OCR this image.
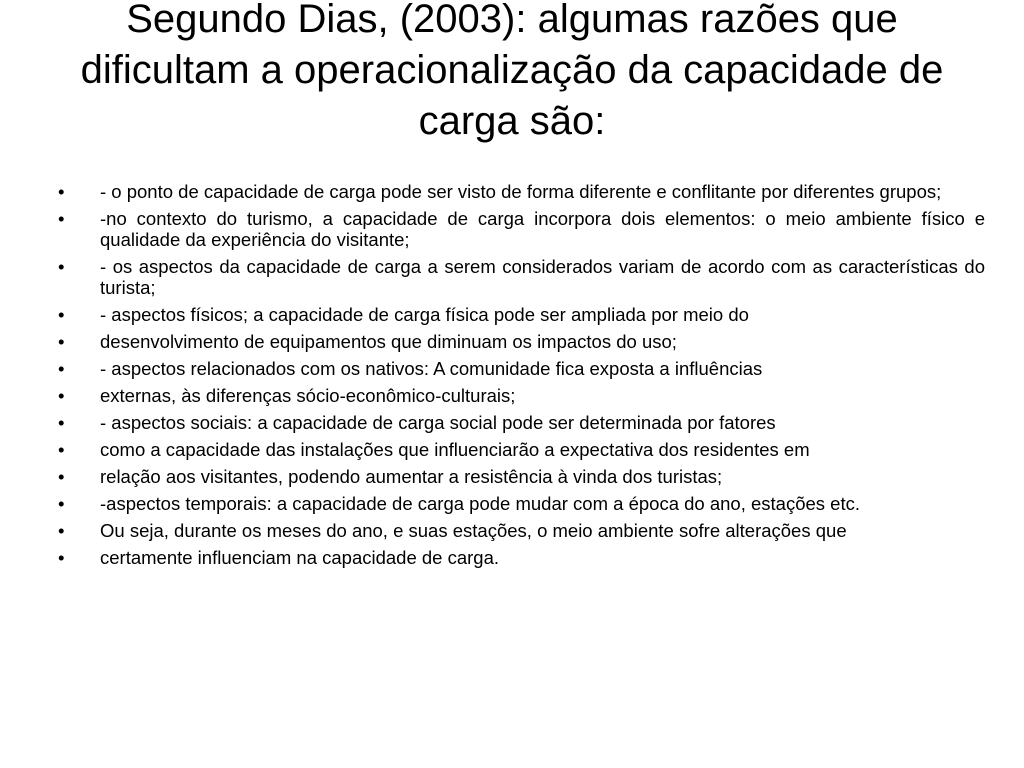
Segundo Dias, (2003): algumas razões que dificultam a operacionalização da capacidade de carga são:
•	- o ponto de capacidade de carga pode ser visto de forma diferente e conflitante por diferentes grupos;
•	-no contexto do turismo, a capacidade de carga incorpora dois elementos: o meio ambiente físico e qualidade da experiência do visitante;
•	- os aspectos da capacidade de carga a serem considerados variam de acordo com as características do turista;
•	- aspectos físicos; a capacidade de carga física pode ser ampliada por meio do
•	desenvolvimento de equipamentos que diminuam os impactos do uso;
•	- aspectos relacionados com os nativos: A comunidade fica exposta a influências
•	externas, às diferenças sócio-econômico-culturais;
•	- aspectos sociais: a capacidade de carga social pode ser determinada por fatores
•	como a capacidade das instalações que influenciarão a expectativa dos residentes em
•	relação aos visitantes, podendo aumentar a resistência à vinda dos turistas;
•	-aspectos temporais: a capacidade de carga pode mudar com a época do ano, estações etc.
•	Ou seja, durante os meses do ano, e suas estações, o meio ambiente sofre alterações que
•	certamente influenciam na capacidade de carga.
